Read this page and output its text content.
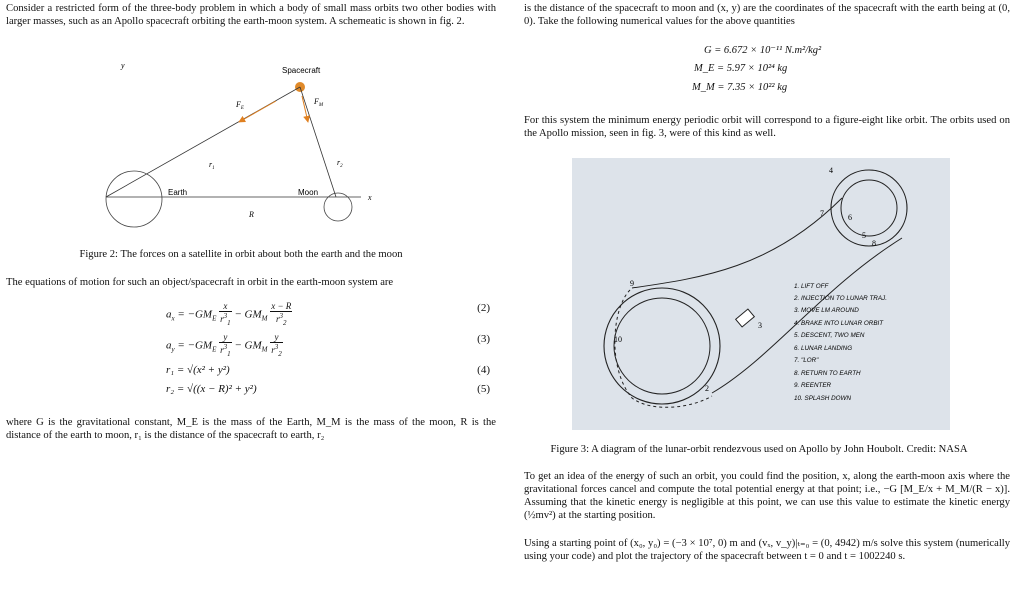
Consider a restricted form of the three-body problem in which a body of small mass orbits two other bodies with larger masses, such as an Apollo spacecraft orbiting the earth-moon system. A schemeatic is shown in fig. 2.

y
Spacecraft
$F_E$
$F_M$
$r_1$
$r_2$
Earth	Moon
x
R

Figure 2: The forces on a satellite in orbit about both the earth and the moon

The equations of motion for such an object/spacecraft in orbit in the earth-moon system are

$a_x = -GM_E \frac{x}{r^3_1} - GM_M \frac{x - R}{r^3_2}$	(2)
$a_y = -GM_E \frac{y}{r^3_1} - GM_M \frac{y}{r^3_2}$	(3)
r₁ = √(x² + y²)	(4)
r₂ = √((x − R)² + y²)	(5)

where G is the gravitational constant, M_E is the mass of the Earth, M_M is the mass of the moon, R is the distance of the earth to moon, r₁ is the distance of the spacecraft to earth, r₂

is the distance of the spacecraft to moon and (x, y) are the coordinates of the spacecraft with the earth being at (0, 0). Take the following numerical values for the above quantities

G = 6.672 × 10⁻¹¹ N.m²/kg²
M_E = 5.97 × 10²⁴ kg
M_M = 7.35 × 10²² kg

For this system the minimum energy periodic orbit will correspond to a figure-eight like orbit. The orbits used on the Apollo mission, seen in fig. 3, were of this kind as well.

4
7	6
5
8
9
10
3
2
1. LIFT OFF
2. INJECTION TO LUNAR TRAJ.
3. MOVE LM AROUND
4. BRAKE INTO LUNAR ORBIT
5. DESCENT, TWO MEN
6. LUNAR LANDING
7. "LOR"
8. RETURN TO EARTH
9. REENTER
10. SPLASH DOWN

Figure 3: A diagram of the lunar-orbit rendezvous used on Apollo by John Houbolt. Credit: NASA

To get an idea of the energy of such an orbit, you could find the position, x, along the earth-moon axis where the gravitational forces cancel and compute the total potential energy at that point; i.e., −G [M_E/x + M_M/(R − x)]. Assuming that the kinetic energy is negligible at this point, we can use this value to estimate the kinetic energy (½mv²) at the starting position.

Using a starting point of (x₀, y₀) = (−3 × 10⁷, 0) m and (vₓ, v_y)|ₜ₌₀ = (0, 4942) m/s solve this system (numerically using your code) and plot the trajectory of the spacecraft between t = 0 and t = 1002240 s.
